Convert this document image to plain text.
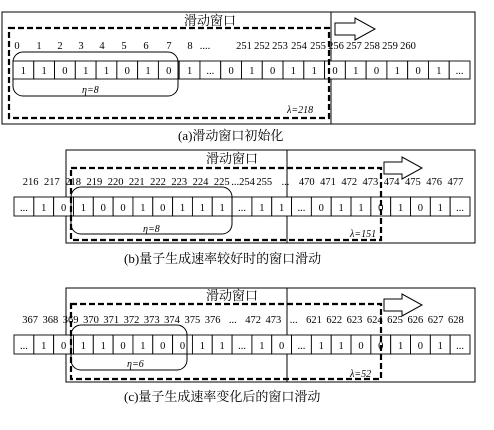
滑动窗口
0 1 2 3 4 5 6 7 8 .... 251 252 253 254 255 256 257 258 259 260
1 1 0 1 1 0 1 0 1 ... 0 1 0 1 1 0 1 0 1 0 1 ...
η=8
λ=218
(a)滑动窗口初始化
滑动窗口
216 217 218 219 220 221 222 223 224 225 ...254 255 ... 470 471 472 473 474 475 476 477
... 1 0 1 0 0 1 0 1 1 1 ... 1 1 ... 0 1 1 0 1 0 1 ...
η=8	λ=151
(b)量子生成速率较好时的窗口滑动
滑动窗口
367 368 369 370 371 372 373 374 375 376 ... 472 473 ... 621 622 623 624 625 626 627 628
... 1 0 1 1 0 1 0 0 1 1 ... 1 0 ... 1 1 0 0 1 0 1 ...
η=6
λ=52
(c)量子生成速率变化后的窗口滑动
